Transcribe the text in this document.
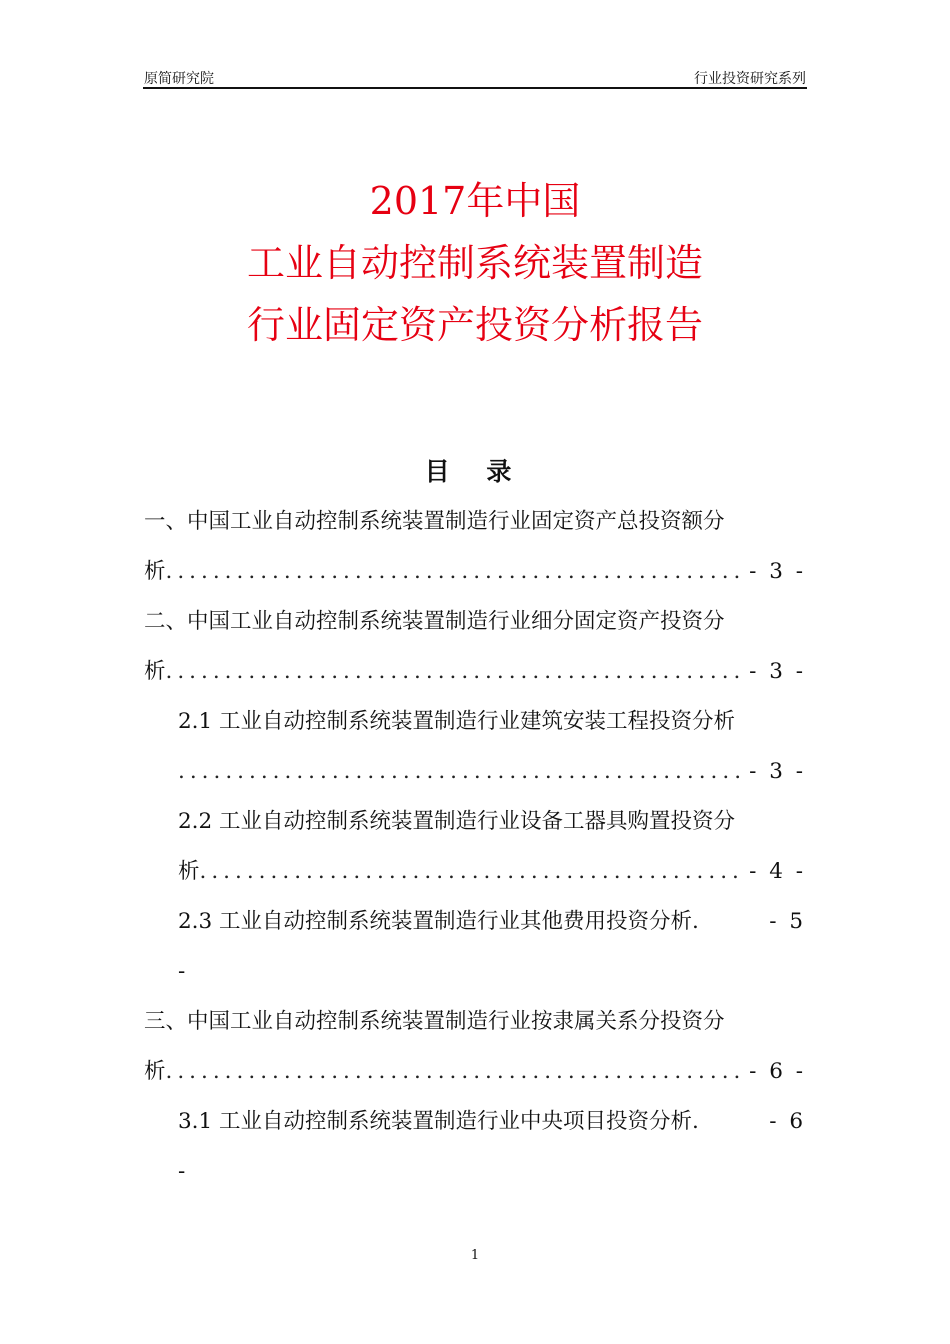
原简研究院	行业投资研究系列
2017年中国
工业自动控制系统装置制造
行业固定资产投资分析报告
目 录
一、中国工业自动控制系统装置制造行业固定资产总投资额分
析 .....	- 3 -
二、中国工业自动控制系统装置制造行业细分固定资产投资分
析 .....	- 3 -
2.1 工业自动控制系统装置制造行业建筑安装工程投资分析
.....
- 3 -
2.2 工业自动控制系统装置制造行业设备工器具购置投资分
析 .....	- 4 -
2.3 工业自动控制系统装置制造行业其他费用投资分析.	- 5
-
三、中国工业自动控制系统装置制造行业按隶属关系分投资分
析 .....	- 6 -
3.1 工业自动控制系统装置制造行业中央项目投资分析.	- 6
-
1
